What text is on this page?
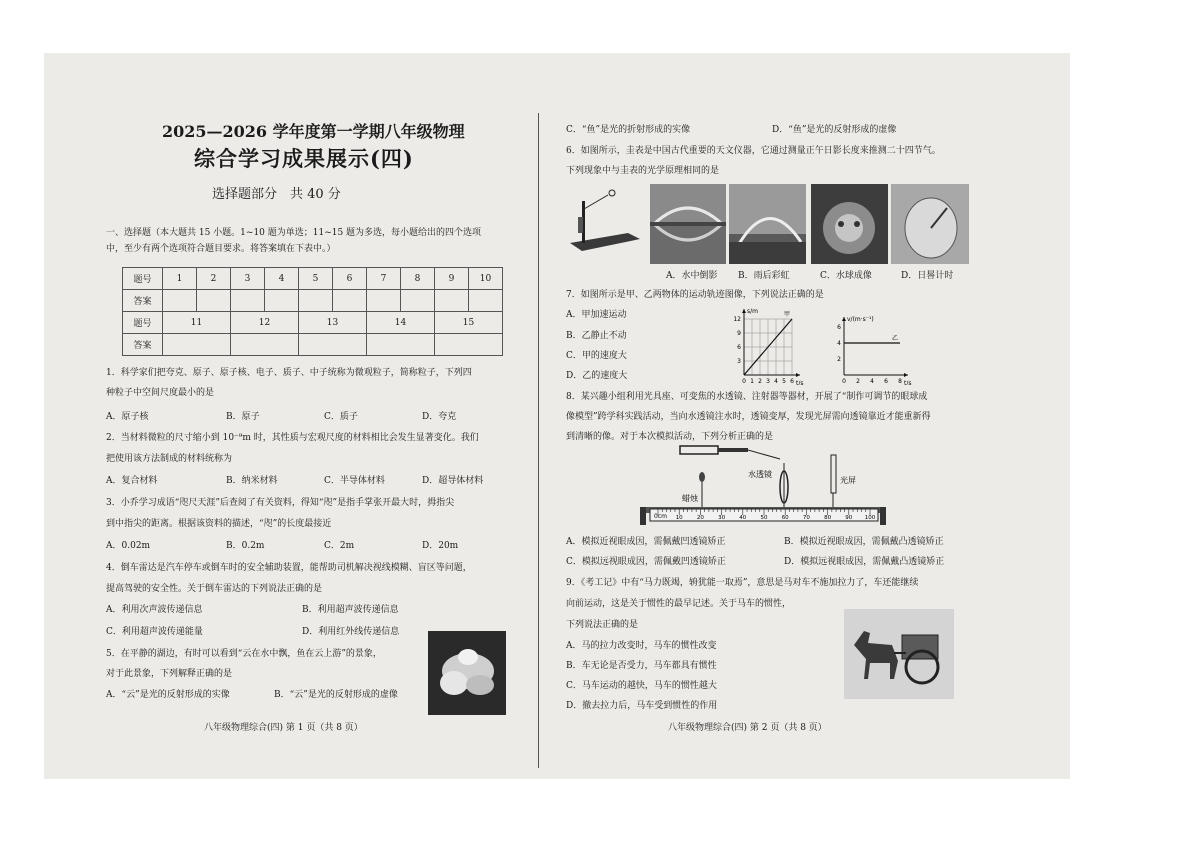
2025—2026 学年度第一学期八年级物理
综合学习成果展示(四)
选择题部分　共 40 分
一、选择题（本大题共 15 小题。1~10 题为单选；11~15 题为多选，每小题给出的四个选项
中，至少有两个选项符合题目要求。将答案填在下表中。）
题号	1	2	3	4	5	6	7	8	9	10
答案										
题号	11		12		13		14		15	
答案										
1．科学家们把夸克、原子、原子核、电子、质子、中子统称为微观粒子，简称粒子，下列四
种粒子中空间尺度最小的是
A．原子核	B．原子	C．质子	D．夸克
2．当材料微粒的尺寸缩小到 10⁻⁹m 时，其性质与宏观尺度的材料相比会发生显著变化。我们
把使用该方法制成的材料统称为
A．复合材料	B．纳米材料	C．半导体材料	D．超导体材料
3．小乔学习成语“咫尺天涯”后查阅了有关资料，得知“咫”是指手掌张开最大时，拇指尖
到中指尖的距离。根据该资料的描述，“咫”的长度最接近
A．0.02m	B．0.2m	C．2m	D．20m
4．倒车雷达是汽车停车或倒车时的安全辅助装置，能帮助司机解决视线模糊、盲区等问题，
提高驾驶的安全性。关于倒车雷达的下列说法正确的是
A．利用次声波传递信息	B．利用超声波传递信息
C．利用超声波传递能量	D．利用红外线传递信息
5．在平静的湖边，有时可以看到“云在水中飘，鱼在云上游”的景象，
对于此景象，下列解释正确的是
A．“云”是光的反射形成的实像	B．“云”是光的反射形成的虚像
八年级物理综合(四) 第 1 页（共 8 页）
C．“鱼”是光的折射形成的实像	D．“鱼”是光的反射形成的虚像
6．如图所示，圭表是中国古代重要的天文仪器，它通过测量正午日影长度来推测二十四节气。
下列现象中与圭表的光学原理相同的是
A．水中倒影 B．雨后彩虹	C．水球成像	D．日晷计时
7．如图所示是甲、乙两物体的运动轨迹图像，下列说法正确的是
A．甲加速运动
B．乙静止不动
C．甲的速度大
D．乙的速度大
0 1 2 3 4 5 6
3
6
9
12
t/s
s/m	甲
0 2 4 6 8
2
4
6
t/s
v/(m·s⁻¹)
乙
8．某兴趣小组利用光具座、可变焦的水透镜、注射器等器材，开展了“制作可调节的眼球成
像模型”跨学科实践活动，当向水透镜注水时，透镜变厚，发现光屏需向透镜靠近才能重新得
到清晰的像。对于本次模拟活动，下列分析正确的是
10	20	30	40	50	60	70	80	90 100
水透镜
蜡烛
光屏
0cm
A．模拟近视眼成因，需佩戴凹透镜矫正	B．模拟近视眼成因，需佩戴凸透镜矫正
C．模拟远视眼成因，需佩戴凹透镜矫正	D．模拟远视眼成因，需佩戴凸透镜矫正
9．《考工记》中有“马力既竭，辀犹能一取焉”，意思是马对车不施加拉力了，车还能继续
向前运动，这是关于惯性的最早记述。关于马车的惯性，
下列说法正确的是
A．马的拉力改变时，马车的惯性改变
B．车无论是否受力，马车都具有惯性
C．马车运动的越快，马车的惯性越大
D．撤去拉力后，马车受到惯性的作用
八年级物理综合(四) 第 2 页（共 8 页）
